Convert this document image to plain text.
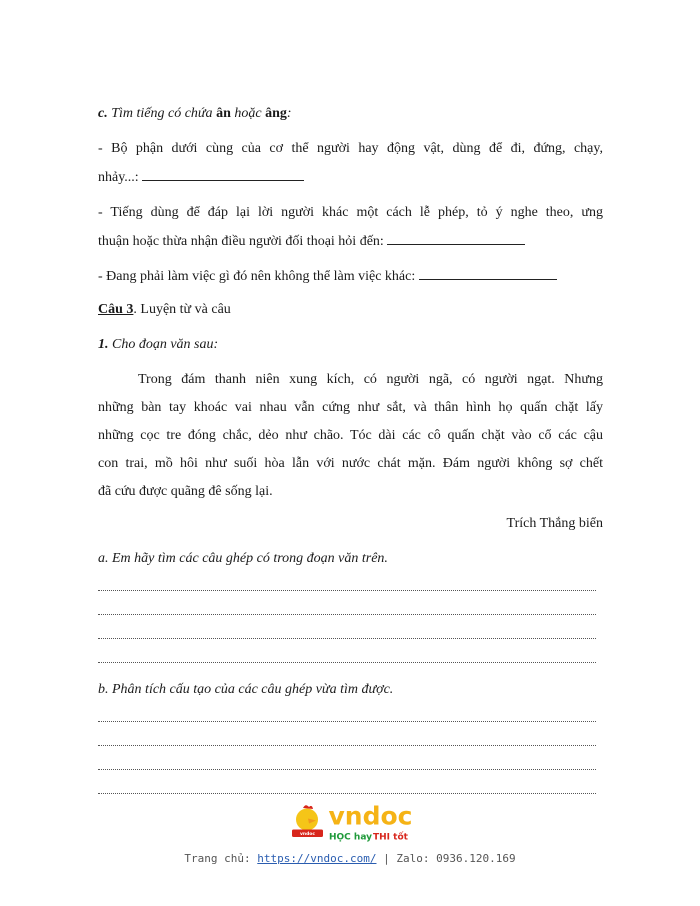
c. Tìm tiếng có chứa ân hoặc âng:

- Bộ phận dưới cùng của cơ thể người hay động vật, dùng để đi, đứng, chạy,

nhảy...:

- Tiếng dùng để đáp lại lời người khác một cách lễ phép, tỏ ý nghe theo, ưng

thuận hoặc thừa nhận điều người đối thoại hỏi đến:

- Đang phải làm việc gì đó nên không thể làm việc khác:

Câu 3. Luyện từ và câu

1. Cho đoạn văn sau:

Trong đám thanh niên xung kích, có người ngã, có người ngạt. Nhưng

những bàn tay khoác vai nhau vẫn cứng như sắt, và thân hình họ quấn chặt lấy

những cọc tre đóng chắc, dẻo như chão. Tóc dài các cô quấn chặt vào cổ các cậu

con trai, mồ hôi như suối hòa lẫn với nước chát mặn. Đám người không sợ chết

đã cứu được quãng đê sống lại.

Trích Thắng biển

a. Em hãy tìm các câu ghép có trong đoạn văn trên.

b. Phân tích cấu tạo của các câu ghép vừa tìm được.

vndoc
vndoc
HỌC hay THI tốt
Trang chủ: https://vndoc.com/ | Zalo: 0936.120.169
